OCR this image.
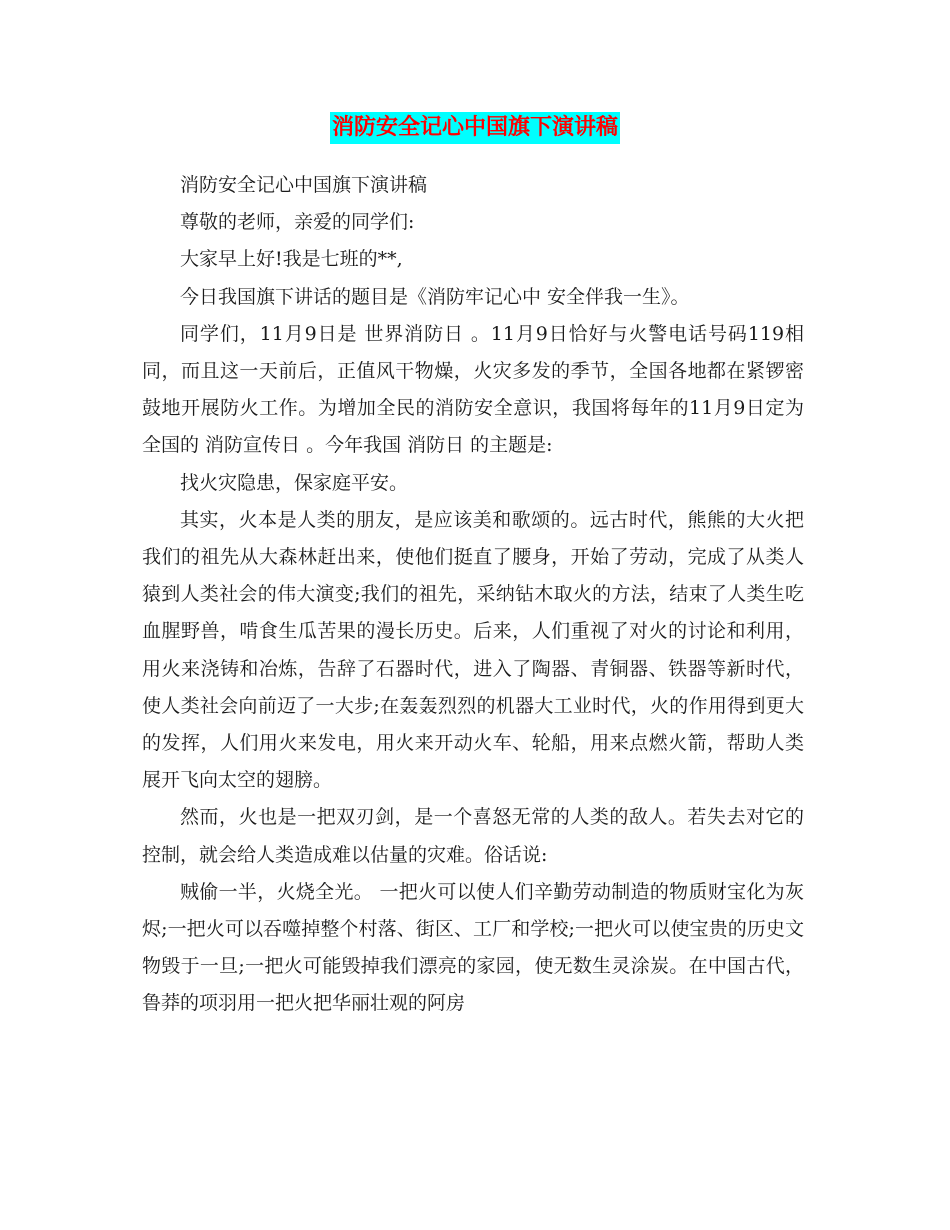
消防安全记心中国旗下演讲稿

消防安全记心中国旗下演讲稿

尊敬的老师，亲爱的同学们:

大家早上好!我是七班的**,

今日我国旗下讲话的题目是《消防牢记心中 安全伴我一生》。

同学们，11月9日是 世界消防日 。11月9日恰好与火警电话号码119相同，而且这一天前后，正值风干物燥，火灾多发的季节，全国各地都在紧锣密鼓地开展防火工作。为增加全民的消防安全意识，我国将每年的11月9日定为全国的 消防宣传日 。今年我国 消防日 的主题是:

找火灾隐患，保家庭平安。

其实，火本是人类的朋友，是应该美和歌颂的。远古时代，熊熊的大火把我们的祖先从大森林赶出来，使他们挺直了腰身，开始了劳动，完成了从类人猿到人类社会的伟大演变;我们的祖先，采纳钻木取火的方法，结束了人类生吃血腥野兽，啃食生瓜苦果的漫长历史。后来，人们重视了对火的讨论和利用，用火来浇铸和冶炼，告辞了石器时代，进入了陶器、青铜器、铁器等新时代，使人类社会向前迈了一大步;在轰轰烈烈的机器大工业时代，火的作用得到更大的发挥，人们用火来发电，用火来开动火车、轮船，用来点燃火箭，帮助人类展开飞向太空的翅膀。

然而，火也是一把双刃剑，是一个喜怒无常的人类的敌人。若失去对它的控制，就会给人类造成难以估量的灾难。俗话说:

贼偷一半，火烧全光。 一把火可以使人们辛勤劳动制造的物质财宝化为灰烬;一把火可以吞噬掉整个村落、街区、工厂和学校;一把火可以使宝贵的历史文物毁于一旦;一把火可能毁掉我们漂亮的家园，使无数生灵涂炭。在中国古代，鲁莽的项羽用一把火把华丽壮观的阿房
